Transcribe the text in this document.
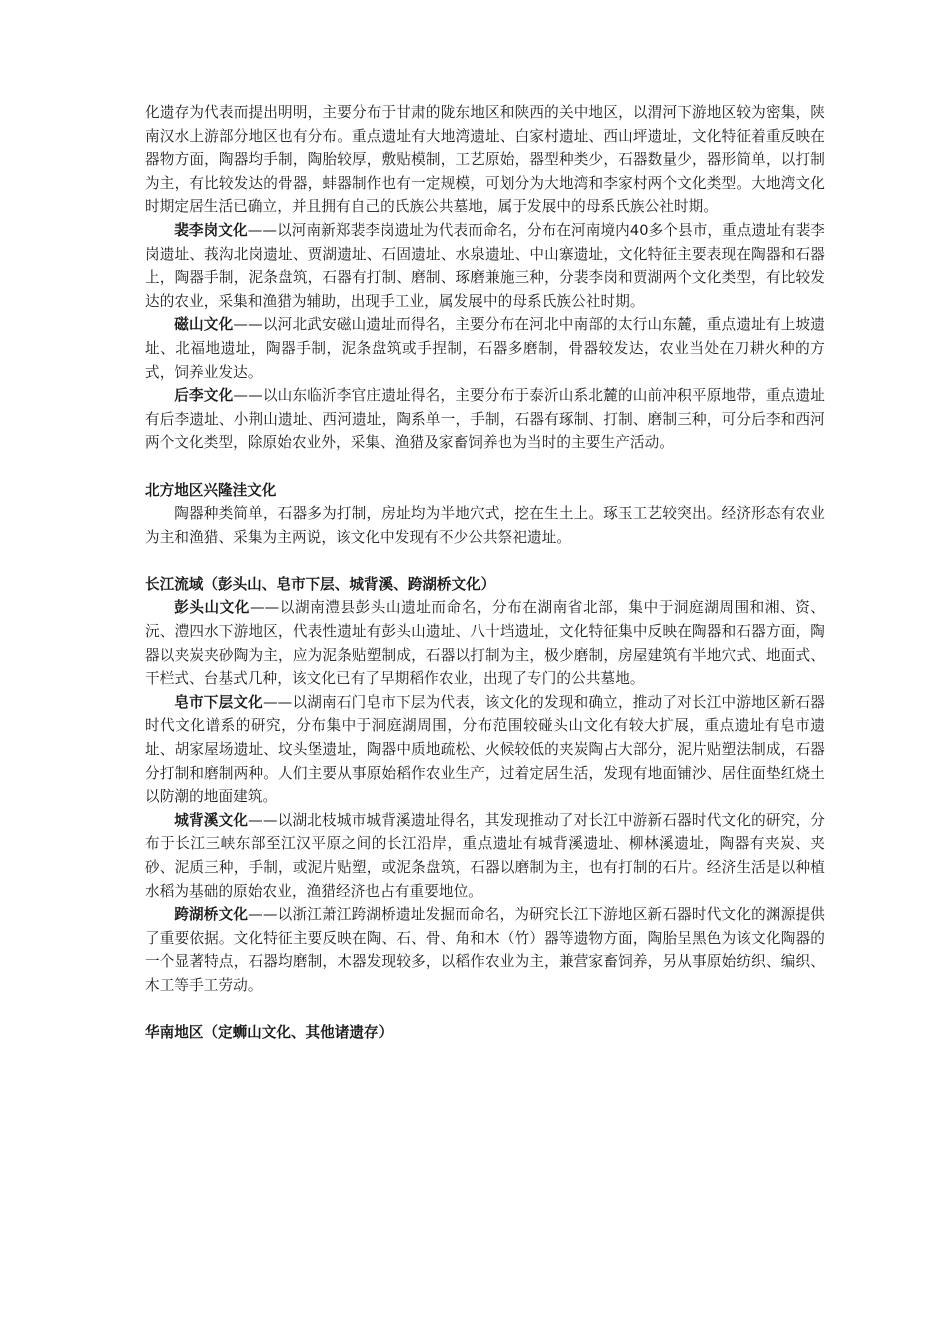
化遗存为代表而提出明明，主要分布于甘肃的陇东地区和陕西的关中地区，以渭河下游地区较为密集，陕南汉水上游部分地区也有分布。重点遗址有大地湾遗址、白家村遗址、西山坪遗址，文化特征着重反映在器物方面，陶器均手制，陶胎较厚，敷贴模制，工艺原始，器型种类少，石器数量少，器形简单，以打制为主，有比较发达的骨器，蚌器制作也有一定规模，可划分为大地湾和李家村两个文化类型。大地湾文化时期定居生活已确立，并且拥有自己的氏族公共墓地，属于发展中的母系氏族公社时期。

裴李岗文化——以河南新郑裴李岗遗址为代表而命名，分布在河南境内40多个县市，重点遗址有裴李岗遗址、莪沟北岗遗址、贾湖遗址、石固遗址、水泉遗址、中山寨遗址，文化特征主要表现在陶器和石器上，陶器手制，泥条盘筑，石器有打制、磨制、琢磨兼施三种，分裴李岗和贾湖两个文化类型，有比较发达的农业，采集和渔猎为辅助，出现手工业，属发展中的母系氏族公社时期。

磁山文化——以河北武安磁山遗址而得名，主要分布在河北中南部的太行山东麓，重点遗址有上坡遗址、北福地遗址，陶器手制，泥条盘筑或手捏制，石器多磨制，骨器较发达，农业当处在刀耕火种的方式，饲养业发达。

后李文化——以山东临沂李官庄遗址得名，主要分布于泰沂山系北麓的山前冲积平原地带，重点遗址有后李遗址、小荆山遗址、西河遗址，陶系单一，手制，石器有琢制、打制、磨制三种，可分后李和西河两个文化类型，除原始农业外，采集、渔猎及家畜饲养也为当时的主要生产活动。

北方地区兴隆洼文化

陶器种类简单，石器多为打制，房址均为半地穴式，挖在生土上。琢玉工艺较突出。经济形态有农业为主和渔猎、采集为主两说，该文化中发现有不少公共祭祀遗址。

长江流域（彭头山、皂市下层、城背溪、跨湖桥文化）

彭头山文化——以湖南澧县彭头山遗址而命名，分布在湖南省北部，集中于洞庭湖周围和湘、资、沅、澧四水下游地区，代表性遗址有彭头山遗址、八十垱遗址，文化特征集中反映在陶器和石器方面，陶器以夹炭夹砂陶为主，应为泥条贴塑制成，石器以打制为主，极少磨制，房屋建筑有半地穴式、地面式、干栏式、台基式几种，该文化已有了早期稻作农业，出现了专门的公共墓地。

皂市下层文化——以湖南石门皂市下层为代表，该文化的发现和确立，推动了对长江中游地区新石器时代文化谱系的研究，分布集中于洞庭湖周围，分布范围较碰头山文化有较大扩展，重点遗址有皂市遗址、胡家屋场遗址、坟头堡遗址，陶器中质地疏松、火候较低的夹炭陶占大部分，泥片贴塑法制成，石器分打制和磨制两种。人们主要从事原始稻作农业生产，过着定居生活，发现有地面铺沙、居住面垫红烧土以防潮的地面建筑。

城背溪文化——以湖北枝城市城背溪遗址得名，其发现推动了对长江中游新石器时代文化的研究，分布于长江三峡东部至江汉平原之间的长江沿岸，重点遗址有城背溪遗址、柳林溪遗址，陶器有夹炭、夹砂、泥质三种，手制，或泥片贴塑，或泥条盘筑，石器以磨制为主，也有打制的石片。经济生活是以种植水稻为基础的原始农业，渔猎经济也占有重要地位。

跨湖桥文化——以浙江萧江跨湖桥遗址发掘而命名，为研究长江下游地区新石器时代文化的渊源提供了重要依据。文化特征主要反映在陶、石、骨、角和木（竹）器等遗物方面，陶胎呈黑色为该文化陶器的一个显著特点，石器均磨制，木器发现较多，以稻作农业为主，兼营家畜饲养，另从事原始纺织、编织、木工等手工劳动。

华南地区（定蛳山文化、其他诸遗存）
